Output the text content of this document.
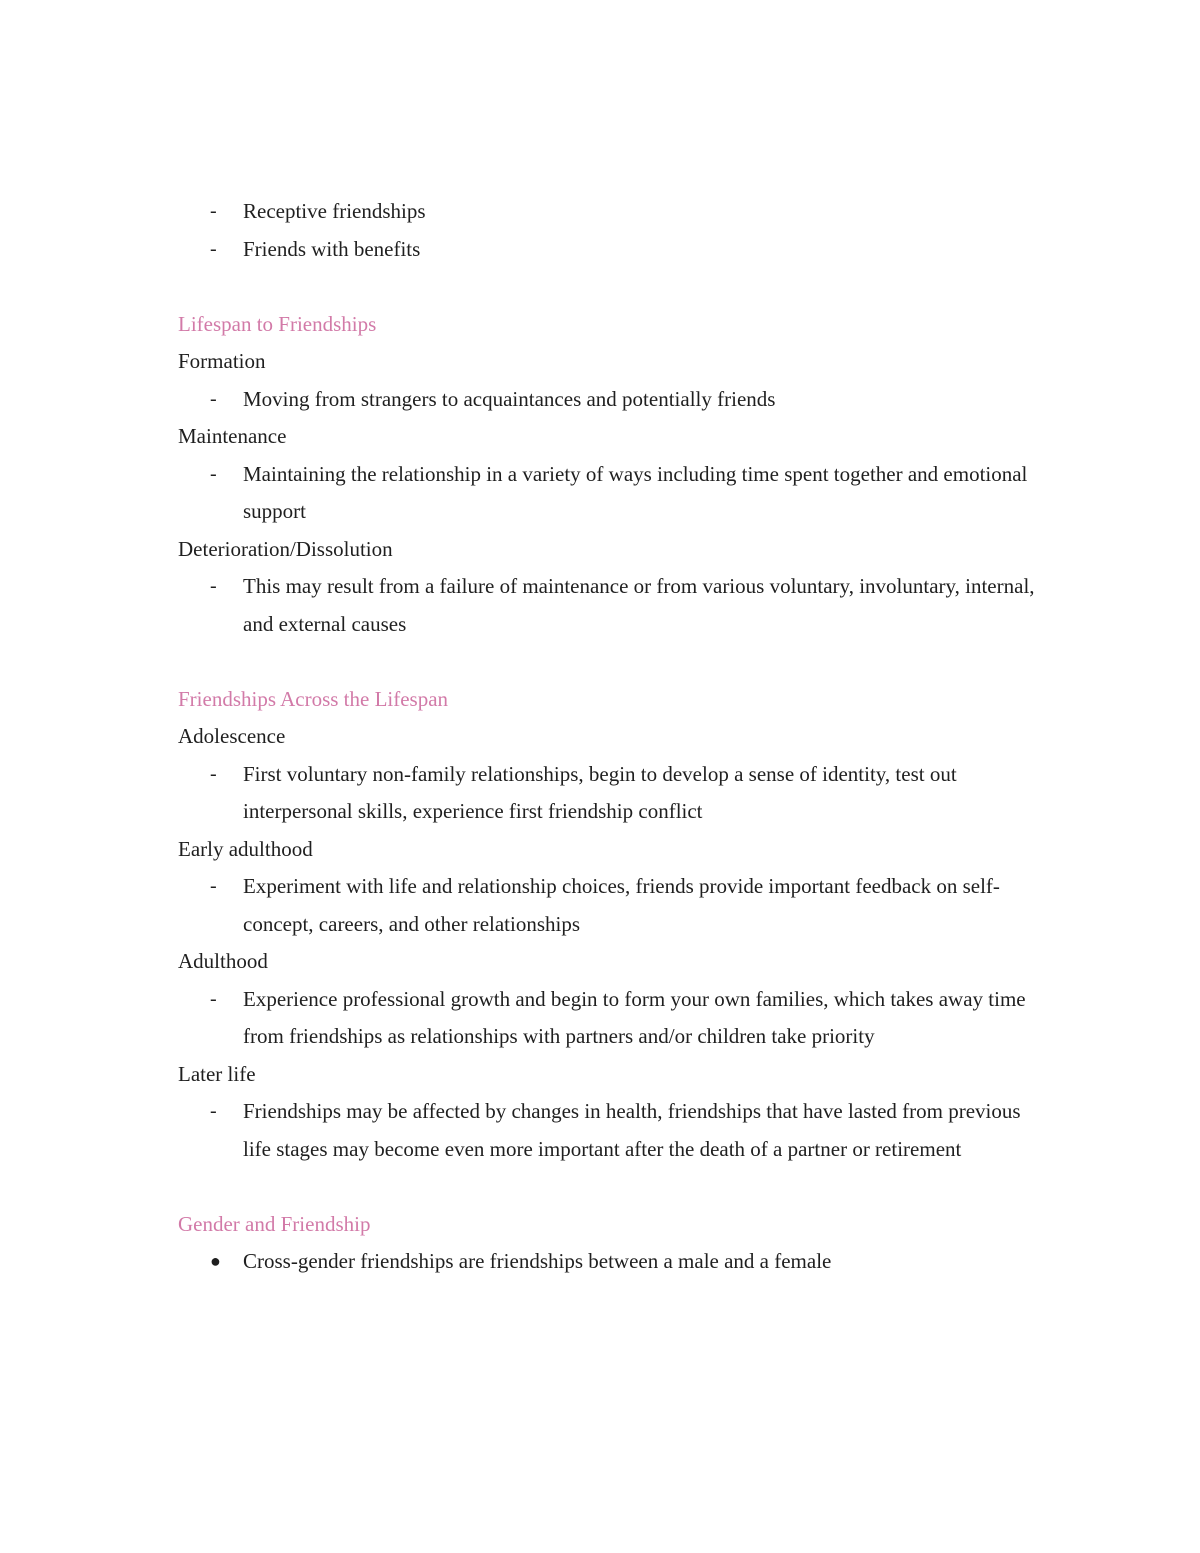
-	Receptive friendships
-	Friends with benefits

Lifespan to Friendships

Formation

-	Moving from strangers to acquaintances and potentially friends

Maintenance

-	Maintaining the relationship in a variety of ways including time spent together and emotional support

Deterioration/Dissolution

-	This may result from a failure of maintenance or from various voluntary, involuntary, internal, and external causes

Friendships Across the Lifespan

Adolescence

-	First voluntary non-family relationships, begin to develop a sense of identity, test out interpersonal skills, experience first friendship conflict

Early adulthood

-	Experiment with life and relationship choices, friends provide important feedback on self-concept, careers, and other relationships

Adulthood

-	Experience professional growth and begin to form your own families, which takes away time from friendships as relationships with partners and/or children take priority

Later life

-	Friendships may be affected by changes in health, friendships that have lasted from previous life stages may become even more important after the death of a partner or retirement

Gender and Friendship

●	Cross-gender friendships are friendships between a male and a female
